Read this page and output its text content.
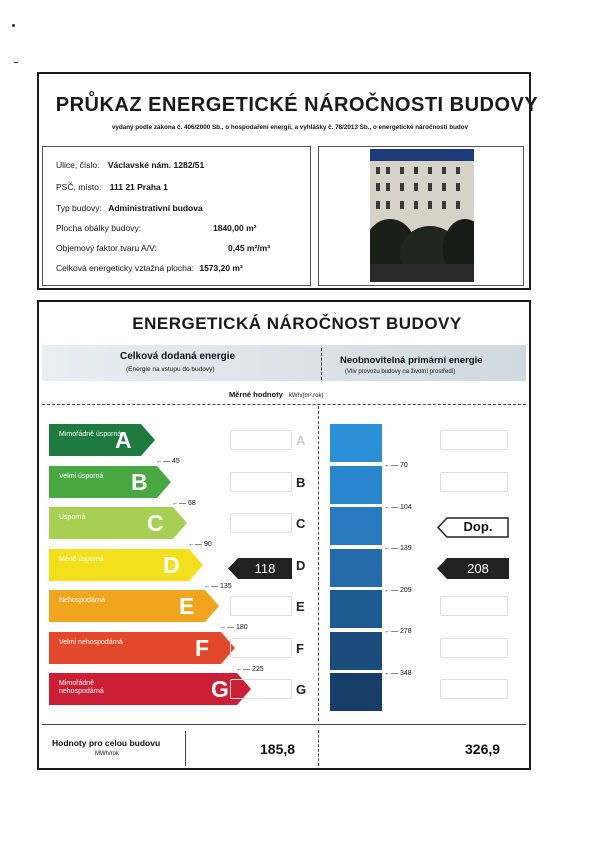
PRŮKAZ ENERGETICKÉ NÁROČNOSTI BUDOVY
vydaný podle zákona č. 406/2000 Sb., o hospodaření energií, a vyhlášky č. 78/2013 Sb., o energetické náročnosti budov
Ulice, číslo: Václavské nám. 1282/51
PSČ, místo: 111 21 Praha 1
Typ budovy: Administrativní budova
Plocha obálky budovy:	1840,00 m²
Objemový faktor tvaru A/V:	0,45 m²/m³
Celková energeticky vztažná plocha: 1573,20 m²
ENERGETICKÁ NÁROČNOST BUDOVY
Celková dodaná energie
(Energie na vstupu do budovy)
Neobnovitelná primární energie
(Vliv provozu budovy na životní prostředí)
Měrné hodnoty kWh/(m².rok)
Mimořádně úsporná
A
Velmi úsporná	B
Úsporná	C
Méně úsporná	D
Nehospodárná	E
Velmi nehospodárná	F
Mimořádně nehospodárná	G
A
B
C
D
E
F
G
←— 45
←— 68
←— 90
←— 135
←— 180
←— 225
←— 70
←— 104
←— 139
←— 209
←— 278
←— 348
118
Dop.
208
Hodnoty pro celou budovu
MWh/rok	185,8	326,9
